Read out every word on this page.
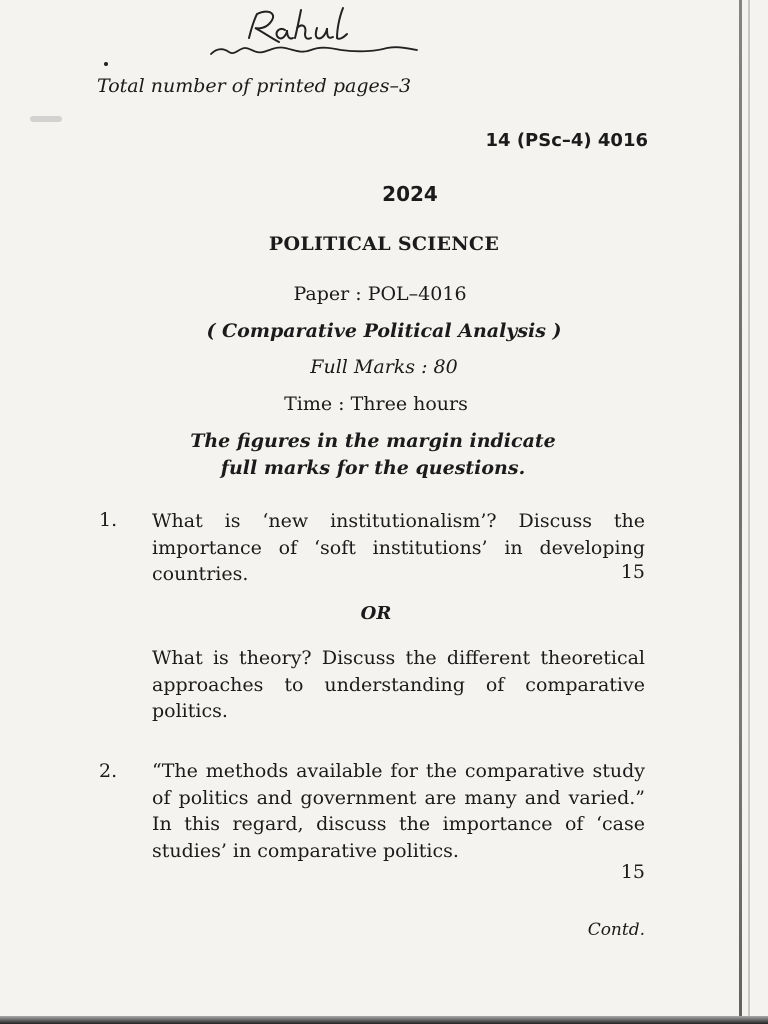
Total number of printed pages–3
14 (PSc–4) 4016
2024
POLITICAL SCIENCE
Paper : POL–4016
( Comparative Political Analysis )
Full Marks : 80
Time : Three hours
The figures in the margin indicate
full marks for the questions.
1. What is ‘new institutionalism’? Discuss the importance of ‘soft institutions’ in developing countries.	15
OR
What is theory? Discuss the different theoretical approaches to understanding of comparative politics.
2. “The methods available for the comparative study of politics and government are many and varied.” In this regard, discuss the importance of ‘case studies’ in comparative politics.
15
Contd.
